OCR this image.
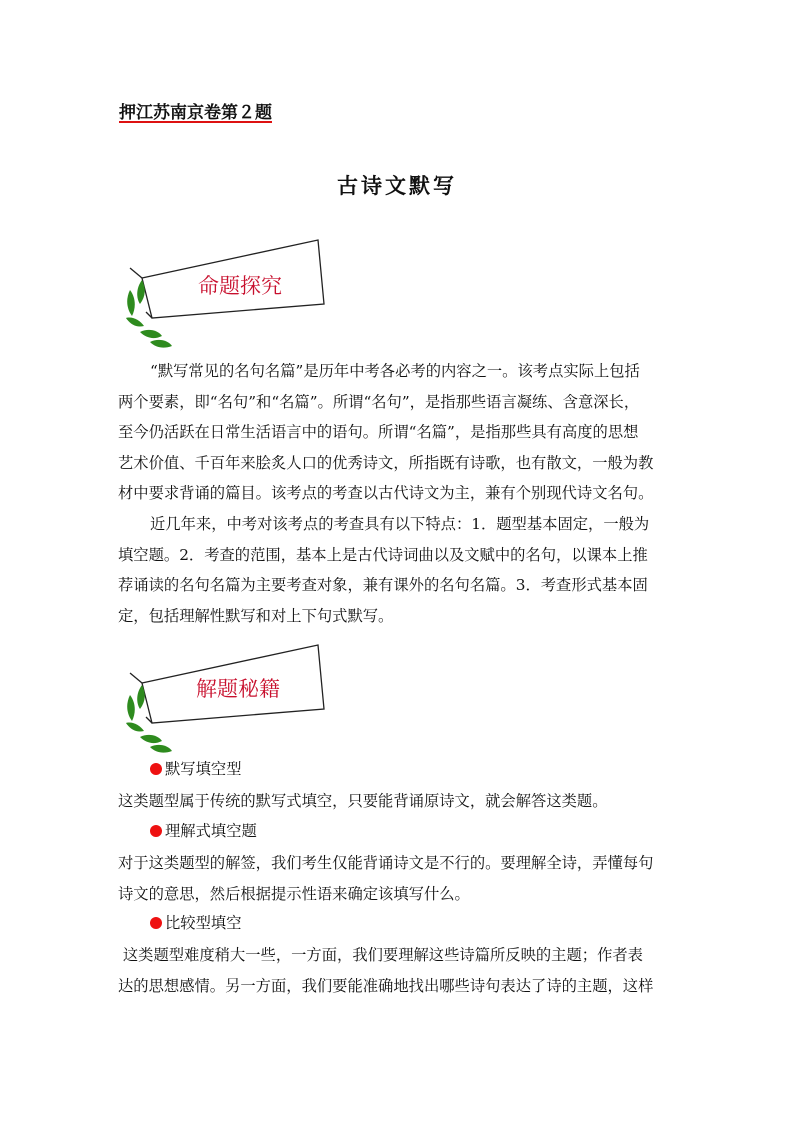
押江苏南京卷第２题
古诗文默写
命题探究
“默写常见的名句名篇”是历年中考各必考的内容之一。该考点实际上包括
两个要素，即“名句”和“名篇”。所谓“名句”，是指那些语言凝练、含意深长，
至今仍活跃在日常生活语言中的语句。所谓“名篇”，是指那些具有高度的思想
艺术价值、千百年来脍炙人口的优秀诗文，所指既有诗歌，也有散文，一般为教
材中要求背诵的篇目。该考点的考查以古代诗文为主，兼有个别现代诗文名句。
近几年来，中考对该考点的考查具有以下特点：1．题型基本固定，一般为
填空题。2．考查的范围，基本上是古代诗词曲以及文赋中的名句，以课本上推
荐诵读的名句名篇为主要考查对象，兼有课外的名句名篇。3．考查形式基本固
定，包括理解性默写和对上下句式默写。
解题秘籍
默写填空型
这类题型属于传统的默写式填空，只要能背诵原诗文，就会解答这类题。
理解式填空题
对于这类题型的解签，我们考生仅能背诵诗文是不行的。要理解全诗，弄懂每句
诗文的意思，然后根据提示性语来确定该填写什么。
比较型填空
这类题型难度稍大一些，一方面，我们要理解这些诗篇所反映的主题；作者表
达的思想感情。另一方面，我们要能准确地找出哪些诗句表达了诗的主题，这样
